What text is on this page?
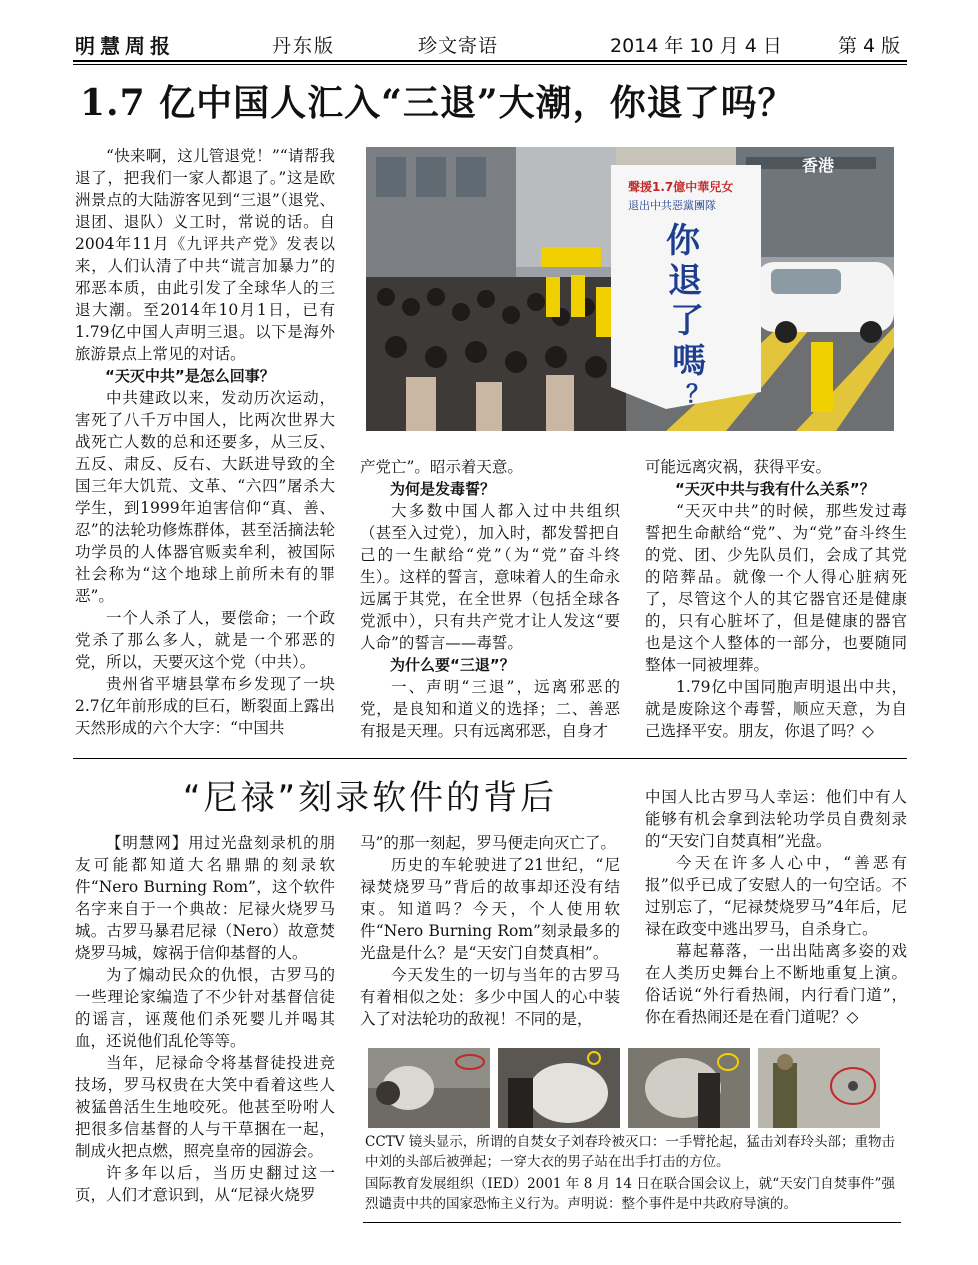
明慧周报	丹东版	珍文寄语	2014 年 10 月 4 日	第 4 版
1.7 亿中国人汇入“三退”大潮，你退了吗？

“快来啊，这儿管退党！”“请帮我退了，把我们一家人都退了。”这是欧洲景点的大陆游客见到“三退”（退党、退团、退队）义工时，常说的话。自2004年11月《九评共产党》发表以来，人们认清了中共“谎言加暴力”的邪恶本质，由此引发了全球华人的三退大潮。至2014年10月1日，已有1.79亿中国人声明三退。以下是海外旅游景点上常见的对话。

“天灭中共”是怎么回事？

中共建政以来，发动历次运动，害死了八千万中国人，比两次世界大战死亡人数的总和还要多，从三反、五反、肃反、反右、大跃进导致的全国三年大饥荒、文革、“六四”屠杀大学生，到1999年迫害信仰“真、善、忍”的法轮功修炼群体，甚至活摘法轮功学员的人体器官贩卖牟利，被国际社会称为“这个地球上前所未有的罪恶”。

一个人杀了人，要偿命；一个政党杀了那么多人，就是一个邪恶的党，所以，天要灭这个党（中共）。

贵州省平塘县掌布乡发现了一块2.7亿年前形成的巨石，断裂面上露出天然形成的六个大字：“中国共

聲援1.7億中華兒女
退出中共惡黨團隊
你
退
了
嗎
？
香港

产党亡”。昭示着天意。

为何是发毒誓？

大多数中国人都入过中共组织（甚至入过党），加入时，都发誓把自己的一生献给“党”（为“党”奋斗终生）。这样的誓言，意味着人的生命永远属于其党，在全世界（包括全球各党派中），只有共产党才让人发这“要人命”的誓言——毒誓。

为什么要“三退”？

一、声明“三退”，远离邪恶的党，是良知和道义的选择；二、善恶有报是天理。只有远离邪恶，自身才

可能远离灾祸，获得平安。

“天灭中共与我有什么关系”？

“天灭中共”的时候，那些发过毒誓把生命献给“党”、为“党”奋斗终生的党、团、少先队员们，会成了其党的陪葬品。就像一个人得心脏病死了，尽管这个人的其它器官还是健康的，只有心脏坏了，但是健康的器官也是这个人整体的一部分，也要随同整体一同被埋葬。

1.79亿中国同胞声明退出中共，就是废除这个毒誓，顺应天意，为自己选择平安。朋友，你退了吗？◇

“尼禄”刻录软件的背后

【明慧网】用过光盘刻录机的朋友可能都知道大名鼎鼎的刻录软件“Nero Burning Rom”，这个软件名字来自于一个典故：尼禄火烧罗马城。古罗马暴君尼禄（Nero）故意焚烧罗马城，嫁祸于信仰基督的人。

为了煽动民众的仇恨，古罗马的一些理论家编造了不少针对基督信徒的谣言，诬蔑他们杀死婴儿并喝其血，还说他们乱伦等等。

当年，尼禄命令将基督徒投进竞技场，罗马权贵在大笑中看着这些人被猛兽活生生地咬死。他甚至吩咐人把很多信基督的人与干草捆在一起，制成火把点燃，照亮皇帝的园游会。

许多年以后，当历史翻过这一页，人们才意识到，从“尼禄火烧罗

马”的那一刻起，罗马便走向灭亡了。

历史的车轮驶进了21世纪，“尼禄焚烧罗马”背后的故事却还没有结束。知道吗？今天，个人使用软件“Nero Burning Rom”刻录最多的光盘是什么？是“天安门自焚真相”。

今天发生的一切与当年的古罗马有着相似之处：多少中国人的心中装入了对法轮功的敌视！不同的是，

中国人比古罗马人幸运：他们中有人能够有机会拿到法轮功学员自费刻录的“天安门自焚真相”光盘。

今天在许多人心中，“善恶有报”似乎已成了安慰人的一句空话。不过别忘了，“尼禄焚烧罗马”4年后，尼禄在政变中逃出罗马，自杀身亡。

幕起幕落，一出出陆离多姿的戏在人类历史舞台上不断地重复上演。俗话说“外行看热闹，内行看门道”，你在看热闹还是在看门道呢？◇

CCTV 镜头显示，所谓的自焚女子刘春玲被灭口：一手臂抡起，猛击刘春玲头部；重物击中刘的头部后被弹起；一穿大衣的男子站在出手打击的方位。
国际教育发展组织（IED）2001 年 8 月 14 日在联合国会议上，就“天安门自焚事件”强烈谴责中共的国家恐怖主义行为。声明说：整个事件是中共政府导演的。
